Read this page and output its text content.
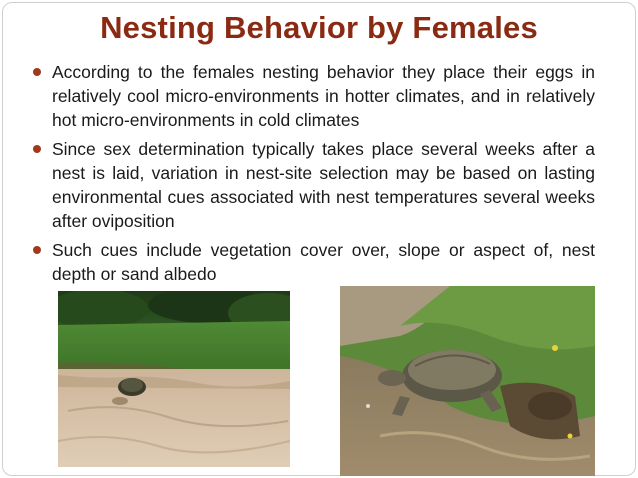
Nesting Behavior by Females
According to the females nesting behavior they place their eggs in relatively cool micro-environments in hotter climates, and in relatively hot micro-environments in cold climates
Since sex determination typically takes place several weeks after a nest is laid, variation in nest-site selection may be based on lasting environmental cues associated with nest temperatures several weeks after oviposition
Such cues include vegetation cover over, slope or aspect of, nest depth or sand albedo
